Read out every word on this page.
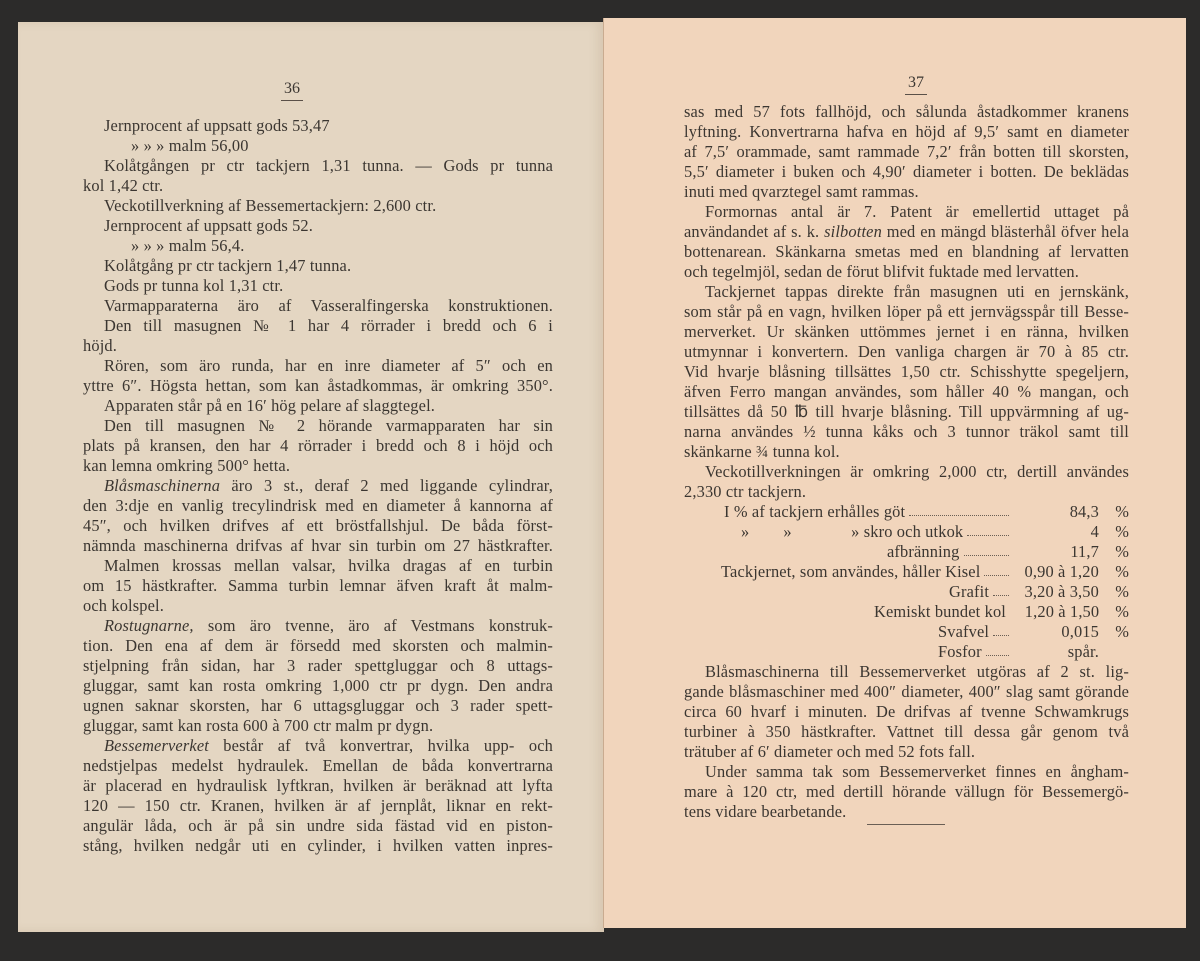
36
Jernprocent af uppsatt gods 53,47
» » » malm 56,00
Kolåtgången pr ctr tackjern 1,31 tunna. — Gods pr tunna
kol 1,42 ctr.
Veckotillverkning af Bessemertackjern: 2,600 ctr.
Jernprocent af uppsatt gods 52.
» » » malm 56,4.
Kolåtgång pr ctr tackjern 1,47 tunna.
Gods pr tunna kol 1,31 ctr.
Varmapparaterna äro af Vasseralfingerska konstruktionen.
Den till masugnen № 1 har 4 rörrader i bredd och 6 i
höjd.
Rören, som äro runda, har en inre diameter af 5″ och en
yttre 6″. Högsta hettan, som kan åstadkommas, är omkring 350°.
Apparaten står på en 16′ hög pelare af slaggtegel.
Den till masugnen № 2 hörande varmapparaten har sin
plats på kransen, den har 4 rörrader i bredd och 8 i höjd och
kan lemna omkring 500° hetta.
Blåsmaschinerna äro 3 st., deraf 2 med liggande cylindrar,
den 3:dje en vanlig trecylindrisk med en diameter å kannorna af
45″, och hvilken drifves af ett bröstfallshjul. De båda först-
nämnda maschinerna drifvas af hvar sin turbin om 27 hästkrafter.
Malmen krossas mellan valsar, hvilka dragas af en turbin
om 15 hästkrafter. Samma turbin lemnar äfven kraft åt malm-
och kolspel.
Rostugnarne, som äro tvenne, äro af Vestmans konstruk-
tion. Den ena af dem är försedd med skorsten och malmin-
stjelpning från sidan, har 3 rader spettgluggar och 8 uttags-
gluggar, samt kan rosta omkring 1,000 ctr pr dygn. Den andra
ugnen saknar skorsten, har 6 uttagsgluggar och 3 rader spett-
gluggar, samt kan rosta 600 à 700 ctr malm pr dygn.
Bessemerverket består af två konvertrar, hvilka upp- och
nedstjelpas medelst hydraulek. Emellan de båda konvertrarna
är placerad en hydraulisk lyftkran, hvilken är beräknad att lyfta
120 — 150 ctr. Kranen, hvilken är af jernplåt, liknar en rekt-
angulär låda, och är på sin undre sida fästad vid en piston-
stång, hvilken nedgår uti en cylinder, i hvilken vatten inpres-
37
sas med 57 fots fallhöjd, och sålunda åstadkommer kranens
lyftning. Konvertrarna hafva en höjd af 9,5′ samt en diameter
af 7,5′ orammade, samt rammade 7,2′ från botten till skorsten,
5,5′ diameter i buken och 4,90′ diameter i botten. De beklädas
inuti med qvarztegel samt rammas.
Formornas antal är 7. Patent är emellertid uttaget på
användandet af s. k. silbotten med en mängd blästerhål öfver hela
bottenarean. Skänkarna smetas med en blandning af lervatten
och tegelmjöl, sedan de förut blifvit fuktade med lervatten.
Tackjernet tappas direkte från masugnen uti en jernskänk,
som står på en vagn, hvilken löper på ett jernvägsspår till Besse-
merverket. Ur skänken uttömmes jernet i en ränna, hvilken
utmynnar i konvertern. Den vanliga chargen är 70 à 85 ctr.
Vid hvarje blåsning tillsättes 1,50 ctr. Schisshytte spegeljern,
äfven Ferro mangan användes, som håller 40 % mangan, och
tillsättes då 50 ℔ till hvarje blåsning. Till uppvärmning af ug-
narna användes ½ tunna kåks och 3 tunnor träkol samt till
skänkarne ¾ tunna kol.
Veckotillverkningen är omkring 2,000 ctr, dertill användes
2,330 ctr tackjern.
I % af tackjern erhålles göt	84,3 %
»        »              » skro och utkok	4 %
afbränning	11,7 %
Tackjernet, som användes, håller Kisel	0,90 à 1,20 %
Grafit	3,20 à 3,50 %
Kemiskt bundet kol	1,20 à 1,50 %
Svafvel	0,015 %
Fosfor	spår.
Blåsmaschinerna till Bessemerverket utgöras af 2 st. lig-
gande blåsmaschiner med 400″ diameter, 400″ slag samt görande
circa 60 hvarf i minuten. De drifvas af tvenne Schwamkrugs
turbiner à 350 hästkrafter. Vattnet till dessa går genom två
trätuber af 6′ diameter och med 52 fots fall.
Under samma tak som Bessemerverket finnes en ångham-
mare à 120 ctr, med dertill hörande vällugn för Bessemergö-
tens vidare bearbetande.
